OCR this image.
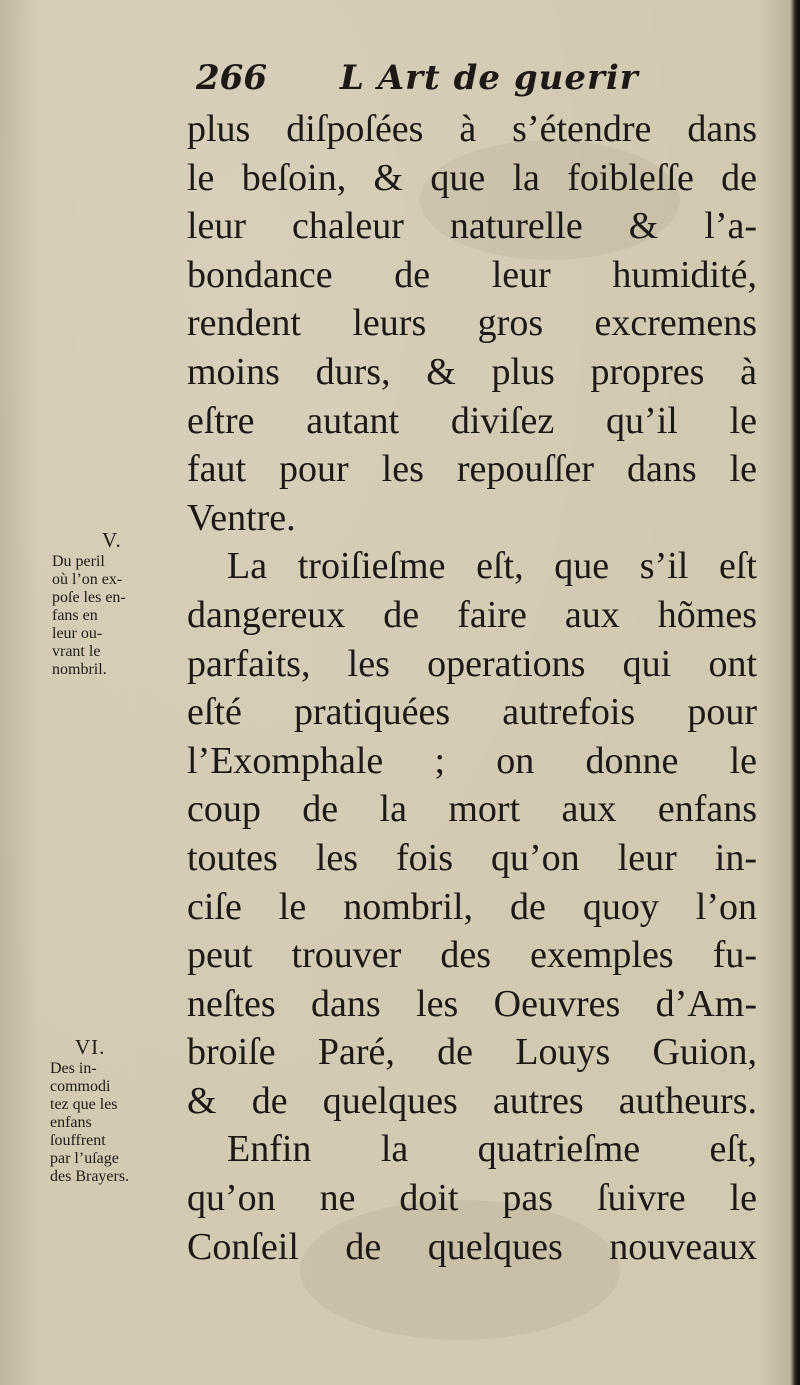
266 L Art de guerir
plus diſpoſées à s’étendre dans
le beſoin, & que la foibleſſe de
leur chaleur naturelle & l’a-
bondance de leur humidité,
rendent leurs gros excremens
moins durs, & plus propres à
eſtre autant diviſez qu’il le
faut pour les repouſſer dans le
Ventre.
La troiſieſme eſt, que s’il eſt
dangereux de faire aux hõmes
parfaits, les operations qui ont
eſté pratiquées autrefois pour
l’Exomphale ; on donne le
coup de la mort aux enfans
toutes les fois qu’on leur in-
ciſe le nombril, de quoy l’on
peut trouver des exemples fu-
neſtes dans les Oeuvres d’Am-
broiſe Paré, de Louys Guion,
& de quelques autres autheurs.
Enfin la quatrieſme eſt,
qu’on ne doit pas ſuivre le
Conſeil de quelques nouveaux
V.
Du peril
où l’on ex-
poſe les en-
fans en
leur ou-
vrant le
nombril.
VI.
Des in-
commodi
tez que les
enfans
ſouffrent
par l’uſage
des Brayers.
